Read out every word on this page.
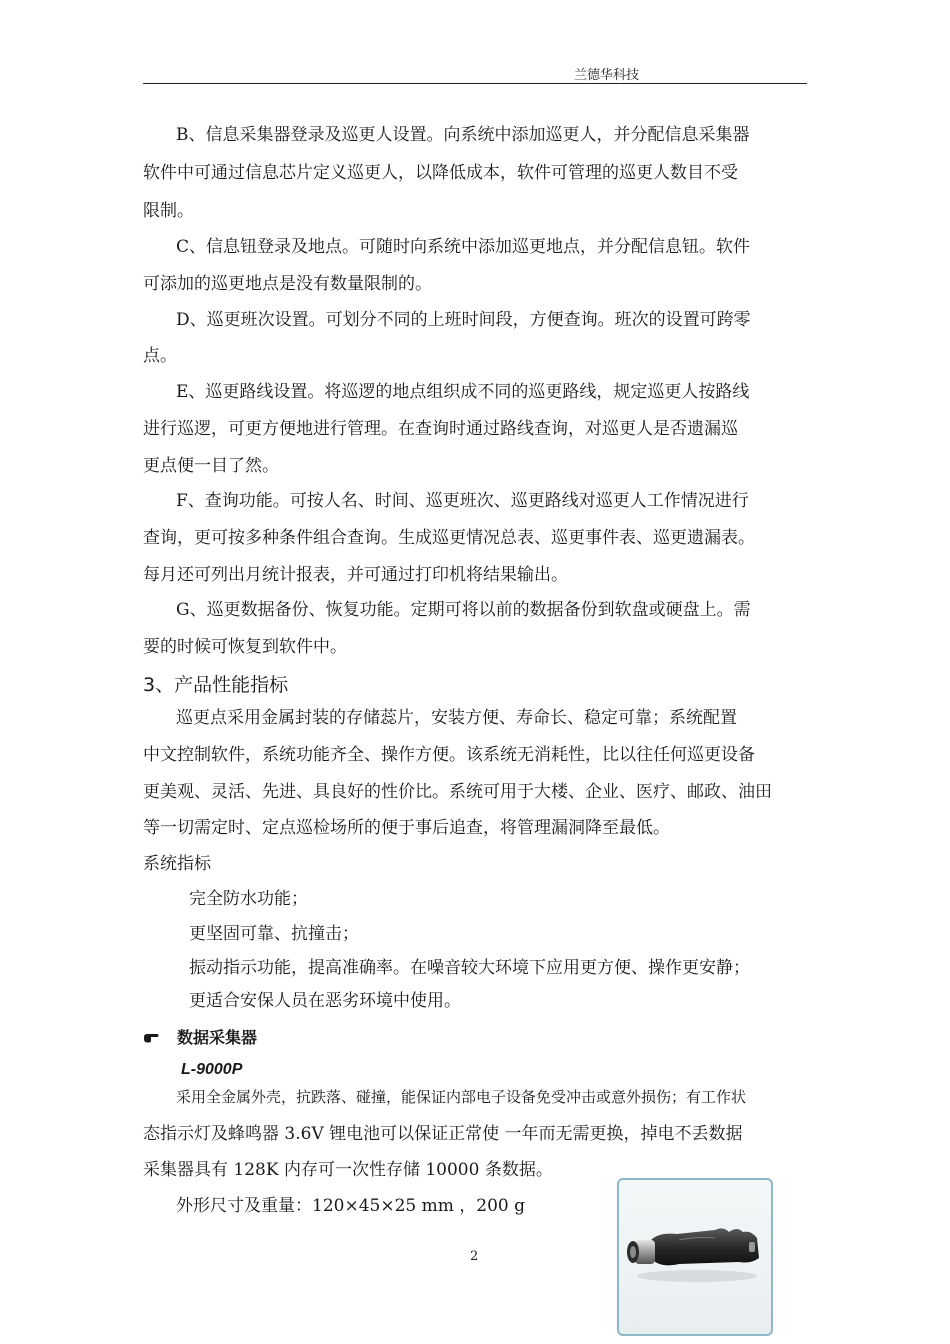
兰德华科技
B、信息采集器登录及巡更人设置。向系统中添加巡更人，并分配信息采集器
软件中可通过信息芯片定义巡更人，以降低成本，软件可管理的巡更人数目不受
限制。
C、信息钮登录及地点。可随时向系统中添加巡更地点，并分配信息钮。软件
可添加的巡更地点是没有数量限制的。
D、巡更班次设置。可划分不同的上班时间段，方便查询。班次的设置可跨零
点。
E、巡更路线设置。将巡逻的地点组织成不同的巡更路线，规定巡更人按路线
进行巡逻，可更方便地进行管理。在查询时通过路线查询，对巡更人是否遗漏巡
更点便一目了然。
F、查询功能。可按人名、时间、巡更班次、巡更路线对巡更人工作情况进行
查询，更可按多种条件组合查询。生成巡更情况总表、巡更事件表、巡更遗漏表。
每月还可列出月统计报表，并可通过打印机将结果输出。
G、巡更数据备份、恢复功能。定期可将以前的数据备份到软盘或硬盘上。需
要的时候可恢复到软件中。
3、产品性能指标
巡更点采用金属封装的存储蕊片，安装方便、寿命长、稳定可靠；系统配置
中文控制软件，系统功能齐全、操作方便。该系统无消耗性，比以往任何巡更设备
更美观、灵活、先进、具良好的性价比。系统可用于大楼、企业、医疗、邮政、油田
等一切需定时、定点巡检场所的便于事后追查，将管理漏洞降至最低。
系统指标
完全防水功能；
更坚固可靠、抗撞击；
振动指示功能，提高准确率。在噪音较大环境下应用更方便、操作更安静；
更适合安保人员在恶劣环境中使用。
数据采集器
L-9000P
采用全金属外壳，抗跌落、碰撞，能保证内部电子设备免受冲击或意外损伤；有工作状
态指示灯及蜂鸣器 3.6V 锂电池可以保证正常使 一年而无需更换，掉电不丢数据
采集器具有 128K 内存可一次性存储 10000 条数据。
外形尺寸及重量：120×45×25 mm ，200 g
2
